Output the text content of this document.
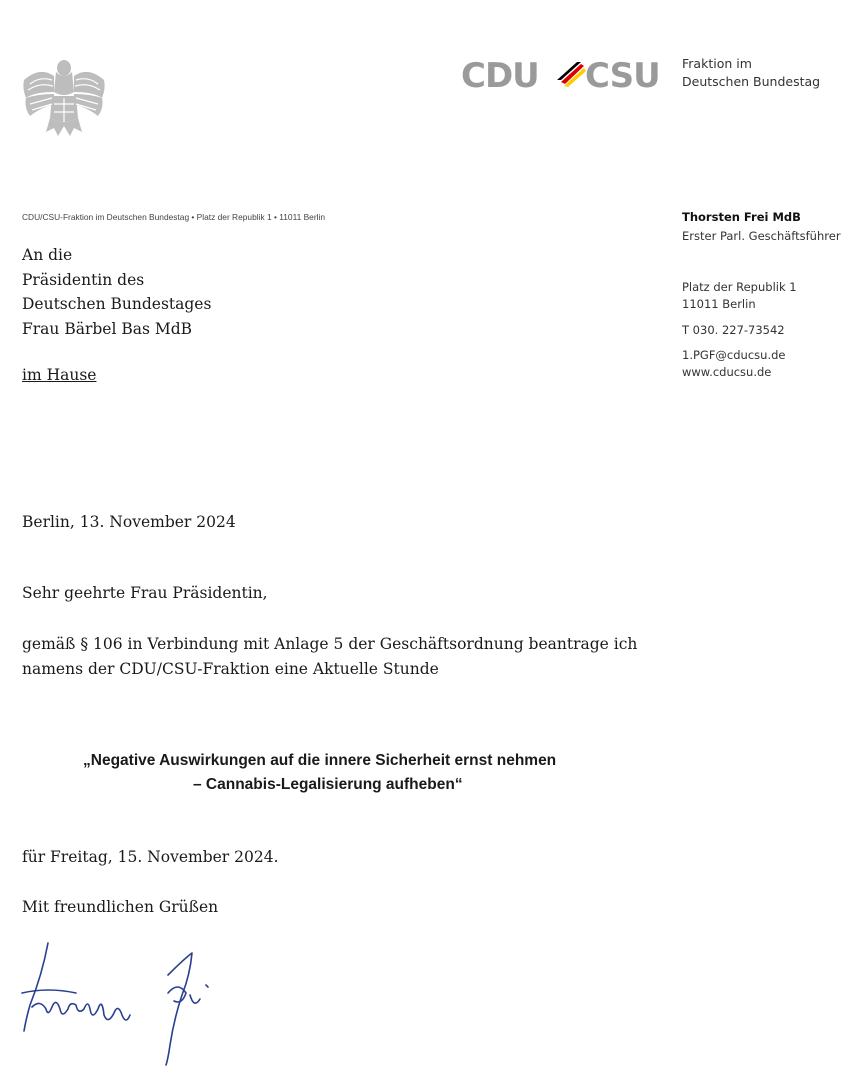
CDU CSU Fraktion im
Deutschen Bundestag
CDU/CSU-Fraktion im Deutschen Bundestag • Platz der Republik 1 • 11011 Berlin
An die
Präsidentin des
Deutschen Bundestages
Frau Bärbel Bas MdB
im Hause
Thorsten Frei MdB
Erster Parl. Geschäftsführer
Platz der Republik 1
11011 Berlin
T 030. 227-73542
1.PGF@cducsu.de
www.cducsu.de
Berlin, 13. November 2024
Sehr geehrte Frau Präsidentin,
gemäß § 106 in Verbindung mit Anlage 5 der Geschäftsordnung beantrage ich
namens der CDU/CSU-Fraktion eine Aktuelle Stunde
„Negative Auswirkungen auf die innere Sicherheit ernst nehmen
– Cannabis-Legalisierung aufheben“
für Freitag, 15. November 2024.
Mit freundlichen Grüßen
